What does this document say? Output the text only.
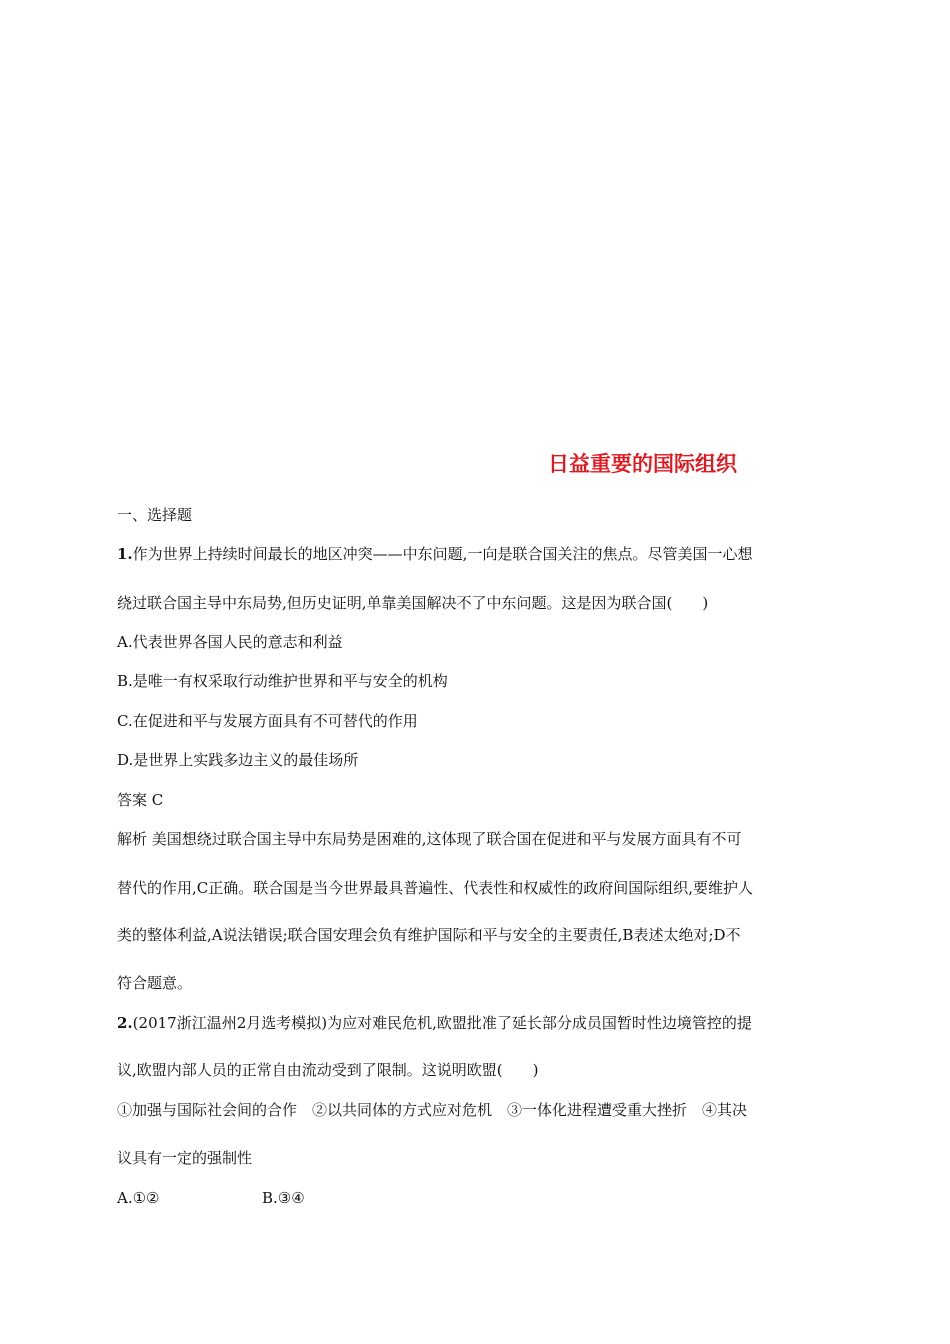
日益重要的国际组织
一、选择题
1.作为世界上持续时间最长的地区冲突——中东问题,一向是联合国关注的焦点。尽管美国一心想
绕过联合国主导中东局势,但历史证明,单靠美国解决不了中东问题。这是因为联合国(　　)
A.代表世界各国人民的意志和利益
B.是唯一有权采取行动维护世界和平与安全的机构
C.在促进和平与发展方面具有不可替代的作用
D.是世界上实践多边主义的最佳场所
答案 C
解析 美国想绕过联合国主导中东局势是困难的,这体现了联合国在促进和平与发展方面具有不可
替代的作用,C正确。联合国是当今世界最具普遍性、代表性和权威性的政府间国际组织,要维护人
类的整体利益,A说法错误;联合国安理会负有维护国际和平与安全的主要责任,B表述太绝对;D不
符合题意。
2.(2017浙江温州2月选考模拟)为应对难民危机,欧盟批准了延长部分成员国暂时性边境管控的提
议,欧盟内部人员的正常自由流动受到了限制。这说明欧盟(　　)
①加强与国际社会间的合作　②以共同体的方式应对危机　③一体化进程遭受重大挫折　④其决
议具有一定的强制性
A.①②	B.③④
